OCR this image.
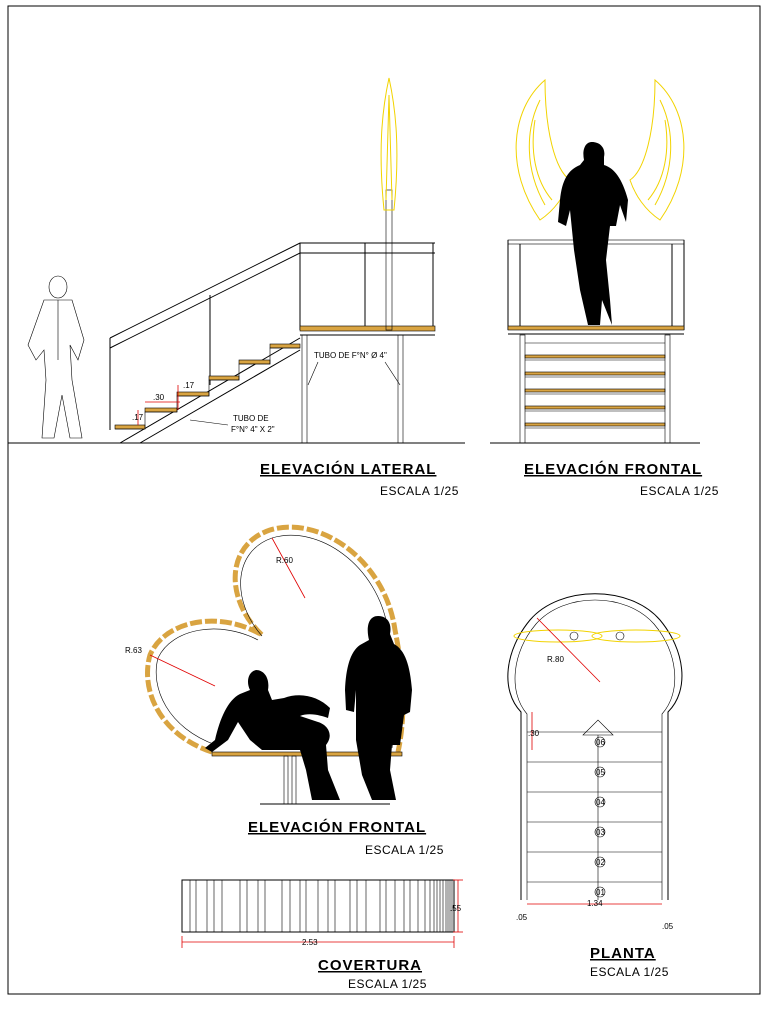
.30
.17
.17
TUBO DE F°N° Ø 4"
TUBO DE
F°N° 4" X 2"
ELEVACIÓN LATERAL
ESCALA 1/25
ELEVACIÓN FRONTAL
ESCALA 1/25
R.60
R.63
ELEVACIÓN FRONTAL
ESCALA 1/25
2.53
.55
COVERTURA
ESCALA 1/25
R.80
06
05
04
03
02
01
.30
1.34
.05
.05
PLANTA
ESCALA 1/25
